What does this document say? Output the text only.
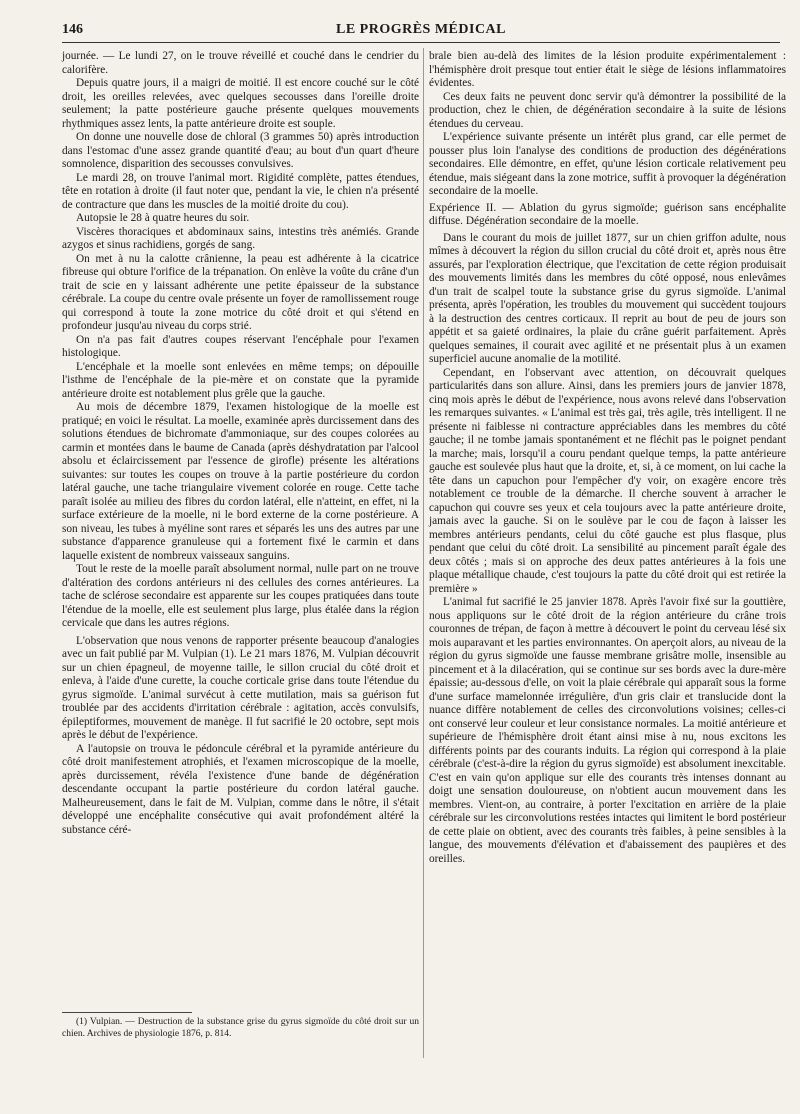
146	LE PROGRÈS MÉDICAL

journée. — Le lundi 27, on le trouve réveillé et couché dans le cendrier du calorifère.

Depuis quatre jours, il a maigri de moitié. Il est encore couché sur le côté droit, les oreilles relevées, avec quelques secousses dans l'oreille droite seulement; la patte postérieure gauche présente quelques mouvements rhythmiques assez lents, la patte antérieure droite est souple.

On donne une nouvelle dose de chloral (3 grammes 50) après introduction dans l'estomac d'une assez grande quantité d'eau; au bout d'un quart d'heure somnolence, disparition des secousses convulsives.

Le mardi 28, on trouve l'animal mort. Rigidité complète, pattes étendues, tête en rotation à droite (il faut noter que, pendant la vie, le chien n'a présenté de contracture que dans les muscles de la moitié droite du cou).

Autopsie le 28 à quatre heures du soir.

Viscères thoraciques et abdominaux sains, intestins très anémiés. Grande azygos et sinus rachidiens, gorgés de sang.

On met à nu la calotte crânienne, la peau est adhérente à la cicatrice fibreuse qui obture l'orifice de la trépanation. On enlève la voûte du crâne d'un trait de scie en y laissant adhérente une petite épaisseur de la substance cérébrale. La coupe du centre ovale présente un foyer de ramollissement rouge qui correspond à toute la zone motrice du côté droit et qui s'étend en profondeur jusqu'au niveau du corps strié.

On n'a pas fait d'autres coupes réservant l'encéphale pour l'examen histologique.

L'encéphale et la moelle sont enlevées en même temps; on dépouille l'isthme de l'encéphale de la pie-mère et on constate que la pyramide antérieure droite est notablement plus grêle que la gauche.

Au mois de décembre 1879, l'examen histologique de la moelle est pratiqué; en voici le résultat. La moelle, examinée après durcissement dans des solutions étendues de bichromate d'ammoniaque, sur des coupes colorées au carmin et montées dans le baume de Canada (après déshydratation par l'alcool absolu et éclaircissement par l'essence de girofle) présente les altérations suivantes: sur toutes les coupes on trouve à la partie postérieure du cordon latéral gauche, une tache triangulaire vivement colorée en rouge. Cette tache paraît isolée au milieu des fibres du cordon latéral, elle n'atteint, en effet, ni la surface extérieure de la moelle, ni le bord externe de la corne postérieure. A son niveau, les tubes à myéline sont rares et séparés les uns des autres par une substance d'apparence granuleuse qui a fortement fixé le carmin et dans laquelle existent de nombreux vaisseaux sanguins.

Tout le reste de la moelle paraît absolument normal, nulle part on ne trouve d'altération des cordons antérieurs ni des cellules des cornes antérieures. La tache de sclérose secondaire est apparente sur les coupes pratiquées dans toute l'étendue de la moelle, elle est seulement plus large, plus étalée dans la région cervicale que dans les autres régions.

L'observation que nous venons de rapporter présente beaucoup d'analogies avec un fait publié par M. Vulpian (1). Le 21 mars 1876, M. Vulpian découvrit sur un chien épagneul, de moyenne taille, le sillon crucial du côté droit et enleva, à l'aide d'une curette, la couche corticale grise dans toute l'étendue du gyrus sigmoïde. L'animal survécut à cette mutilation, mais sa guérison fut troublée par des accidents d'irritation cérébrale : agitation, accès convulsifs, épileptiformes, mouvement de manège. Il fut sacrifié le 20 octobre, sept mois après le début de l'expérience.

A l'autopsie on trouva le pédoncule cérébral et la pyramide antérieure du côté droit manifestement atrophiés, et l'examen microscopique de la moelle, après durcissement, révéla l'existence d'une bande de dégénération descendante occupant la partie postérieure du cordon latéral gauche. Malheureusement, dans le fait de M. Vulpian, comme dans le nôtre, il s'était développé une encéphalite consécutive qui avait profondément altéré la substance céré-

brale bien au-delà des limites de la lésion produite expérimentalement : l'hémisphère droit presque tout entier était le siège de lésions inflammatoires évidentes.

Ces deux faits ne peuvent donc servir qu'à démontrer la possibilité de la production, chez le chien, de dégénération secondaire à la suite de lésions étendues du cerveau.

L'expérience suivante présente un intérêt plus grand, car elle permet de pousser plus loin l'analyse des conditions de production des dégénérations secondaires. Elle démontre, en effet, qu'une lésion corticale relativement peu étendue, mais siégeant dans la zone motrice, suffit à provoquer la dégénération secondaire de la moelle.

Expérience II. — Ablation du gyrus sigmoïde; guérison sans encéphalite diffuse. Dégénération secondaire de la moelle.

Dans le courant du mois de juillet 1877, sur un chien griffon adulte, nous mîmes à découvert la région du sillon crucial du côté droit et, après nous être assurés, par l'exploration électrique, que l'excitation de cette région produisait des mouvements limités dans les membres du côté opposé, nous enlevâmes d'un trait de scalpel toute la substance grise du gyrus sigmoïde. L'animal présenta, après l'opération, les troubles du mouvement qui succèdent toujours à la destruction des centres corticaux. Il reprit au bout de peu de jours son appétit et sa gaieté ordinaires, la plaie du crâne guérit parfaitement. Après quelques semaines, il courait avec agilité et ne présentait plus à un examen superficiel aucune anomalie de la motilité.

Cependant, en l'observant avec attention, on découvrait quelques particularités dans son allure. Ainsi, dans les premiers jours de janvier 1878, cinq mois après le début de l'expérience, nous avons relevé dans l'observation les remarques suivantes. « L'animal est très gai, très agile, très intelligent. Il ne présente ni faiblesse ni contracture appréciables dans les membres du côté gauche; il ne tombe jamais spontanément et ne fléchit pas le poignet pendant la marche; mais, lorsqu'il a couru pendant quelque temps, la patte antérieure gauche est soulevée plus haut que la droite, et, si, à ce moment, on lui cache la tête dans un capuchon pour l'empêcher d'y voir, on exagère encore très notablement ce trouble de la démarche. Il cherche souvent à arracher le capuchon qui couvre ses yeux et cela toujours avec la patte antérieure droite, jamais avec la gauche. Si on le soulève par le cou de façon à laisser les membres antérieurs pendants, celui du côté gauche est plus flasque, plus pendant que celui du côté droit. La sensibilité au pincement paraît égale des deux côtés ; mais si on approche des deux pattes antérieures à la fois une plaque métallique chaude, c'est toujours la patte du côté droit qui est retirée la première »

L'animal fut sacrifié le 25 janvier 1878. Après l'avoir fixé sur la gouttière, nous appliquons sur le côté droit de la région antérieure du crâne trois couronnes de trépan, de façon à mettre à découvert le point du cerveau lésé six mois auparavant et les parties environnantes. On aperçoit alors, au niveau de la région du gyrus sigmoïde une fausse membrane grisâtre molle, insensible au pincement et à la dilacération, qui se continue sur ses bords avec la dure-mère épaissie; au-dessous d'elle, on voit la plaie cérébrale qui apparaît sous la forme d'une surface mamelonnée irrégulière, d'un gris clair et translucide dont la nuance diffère notablement de celles des circonvolutions voisines; celles-ci ont conservé leur couleur et leur consistance normales. La moitié antérieure et supérieure de l'hémisphère droit étant ainsi mise à nu, nous excitons les différents points par des courants induits. La région qui correspond à la plaie cérébrale (c'est-à-dire la région du gyrus sigmoïde) est absolument inexcitable. C'est en vain qu'on applique sur elle des courants très intenses donnant au doigt une sensation douloureuse, on n'obtient aucun mouvement dans les membres. Vient-on, au contraire, à porter l'excitation en arrière de la plaie cérébrale sur les circonvolutions restées intactes qui limitent le bord postérieur de cette plaie on obtient, avec des courants très faibles, à peine sensibles à la langue, des mouvements d'élévation et d'abaissement des paupières et des oreilles.

(1) Vulpian. — Destruction de la substance grise du gyrus sigmoïde du côté droit sur un chien. Archives de physiologie 1876, p. 814.
